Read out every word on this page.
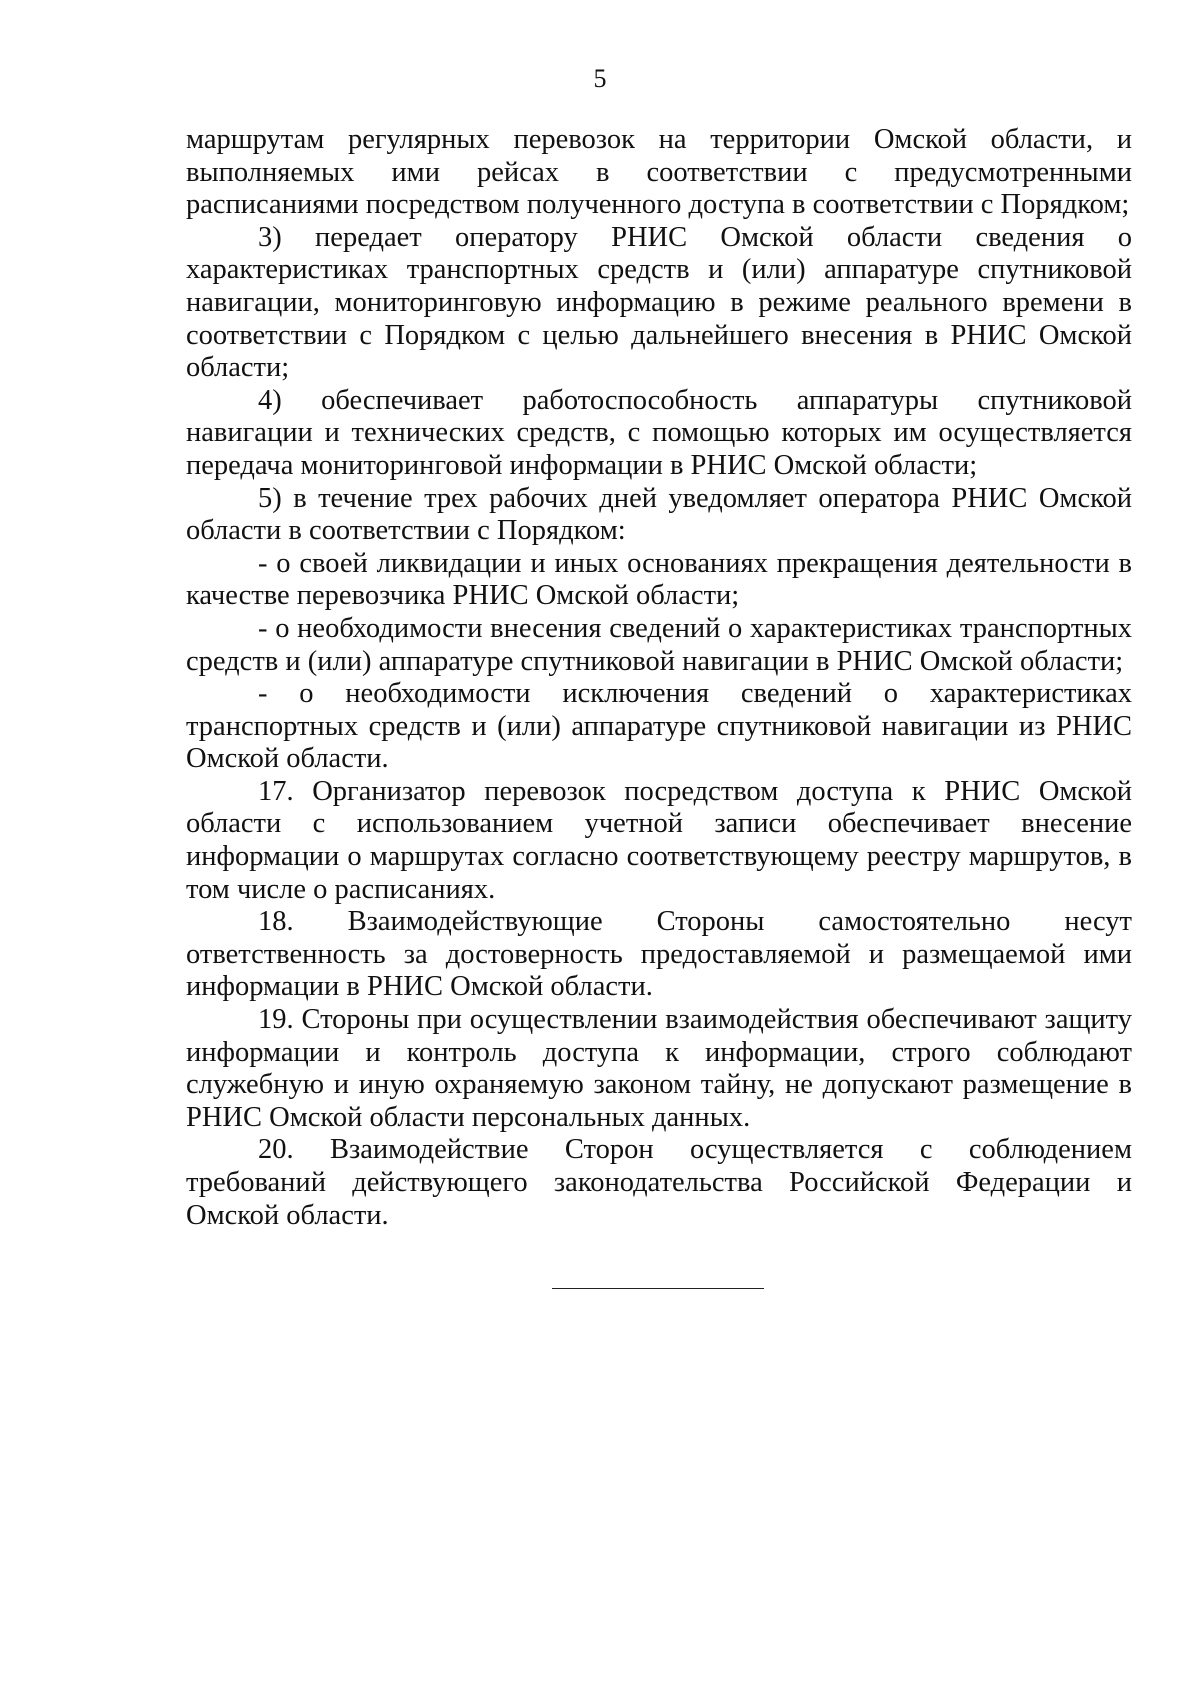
5

маршрутам регулярных перевозок на территории Омской области, и выполняемых ими рейсах в соответствии с предусмотренными расписаниями посредством полученного доступа в соответствии с Порядком;

3) передает оператору РНИС Омской области сведения о характеристиках транспортных средств и (или) аппаратуре спутниковой навигации, мониторинговую информацию в режиме реального времени в соответствии с Порядком с целью дальнейшего внесения в РНИС Омской области;

4) обеспечивает работоспособность аппаратуры спутниковой навигации и технических средств, с помощью которых им осуществляется передача мониторинговой информации в РНИС Омской области;

5) в течение трех рабочих дней уведомляет оператора РНИС Омской области в соответствии с Порядком:

- о своей ликвидации и иных основаниях прекращения деятельности в качестве перевозчика РНИС Омской области;

- о необходимости внесения сведений о характеристиках транспортных средств и (или) аппаратуре спутниковой навигации в РНИС Омской области;

- о необходимости исключения сведений о характеристиках транспортных средств и (или) аппаратуре спутниковой навигации из РНИС Омской области.

17. Организатор перевозок посредством доступа к РНИС Омской области с использованием учетной записи обеспечивает внесение информации о маршрутах согласно соответствующему реестру маршрутов, в том числе о расписаниях.

18. Взаимодействующие Стороны самостоятельно несут ответственность за достоверность предоставляемой и размещаемой ими информации в РНИС Омской области.

19. Стороны при осуществлении взаимодействия обеспечивают защиту информации и контроль доступа к информации, строго соблюдают служебную и иную охраняемую законом тайну, не допускают размещение в РНИС Омской области персональных данных.

20. Взаимодействие Сторон осуществляется с соблюдением требований действующего законодательства Российской Федерации и Омской области.
